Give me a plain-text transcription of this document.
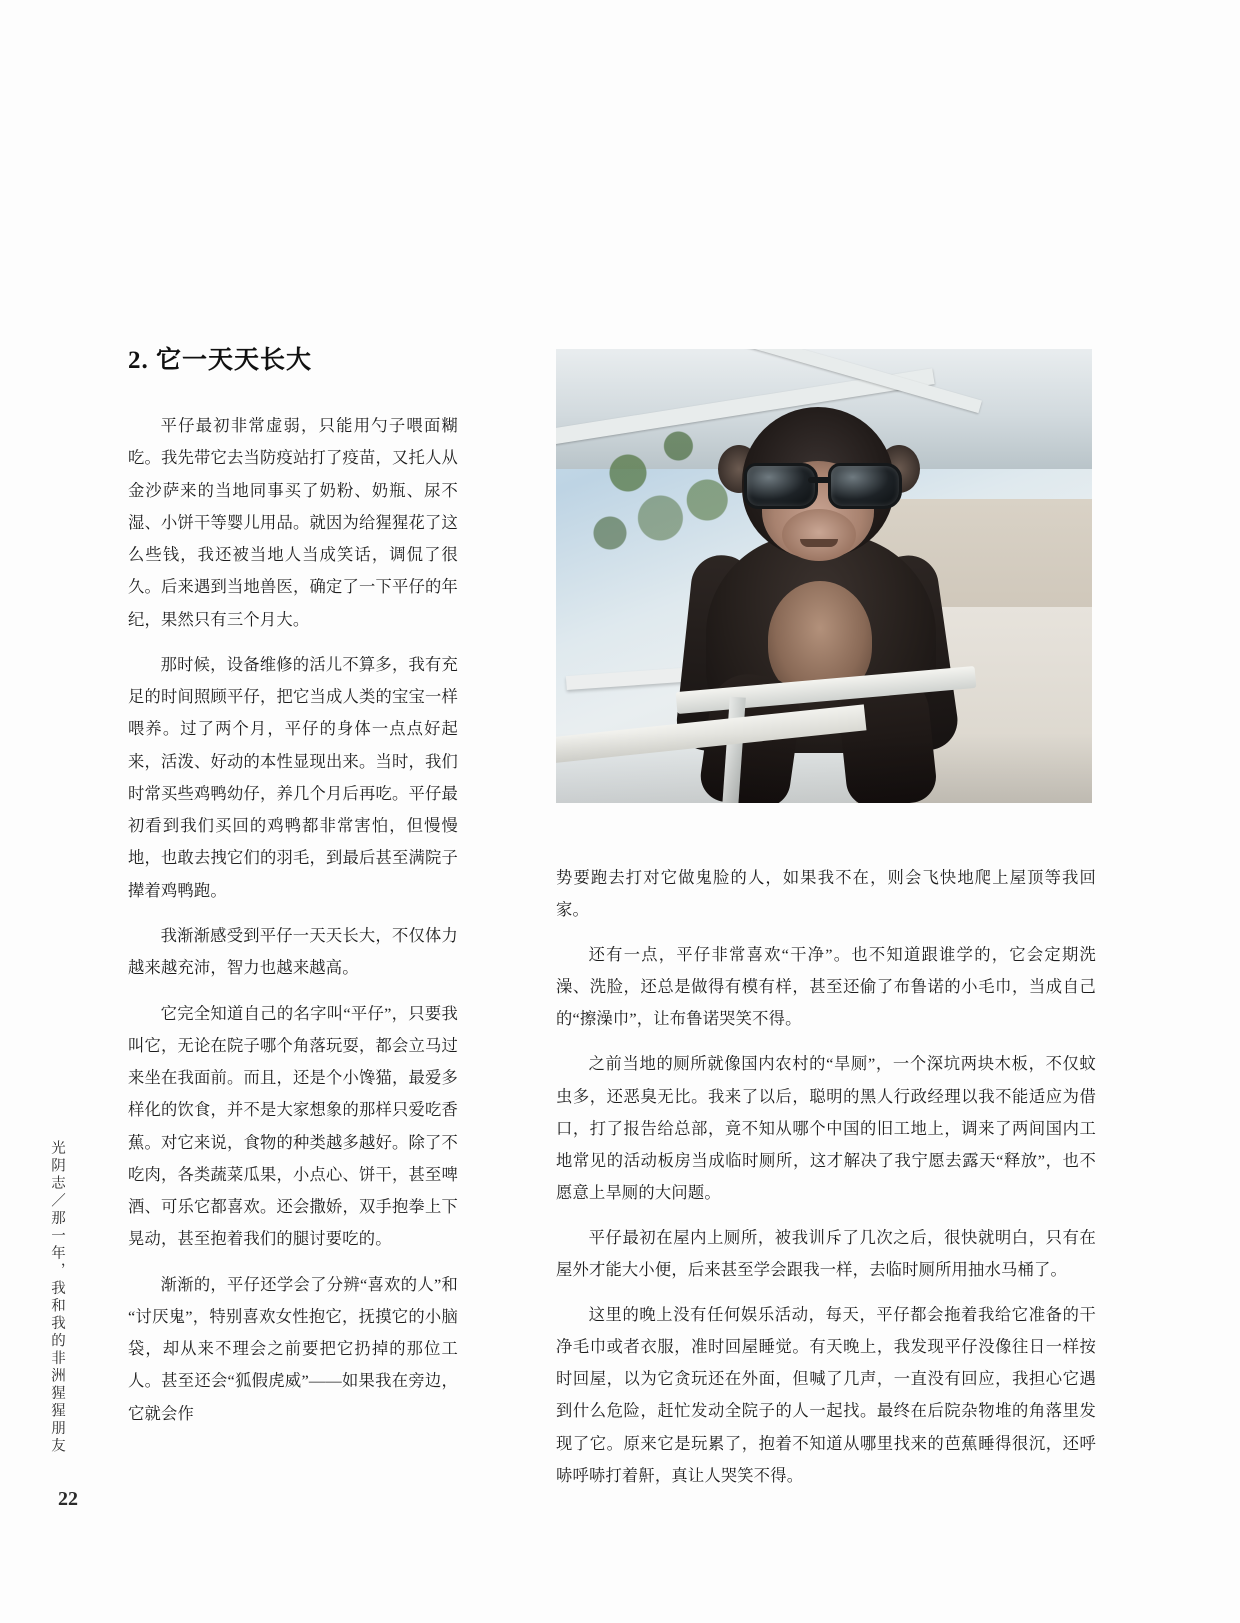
光阴志／那一年，我和我的非洲猩猩朋友
22
2. 它一天天长大

平仔最初非常虚弱，只能用勺子喂面糊吃。我先带它去当防疫站打了疫苗，又托人从金沙萨来的当地同事买了奶粉、奶瓶、尿不湿、小饼干等婴儿用品。就因为给猩猩花了这么些钱，我还被当地人当成笑话，调侃了很久。后来遇到当地兽医，确定了一下平仔的年纪，果然只有三个月大。

那时候，设备维修的活儿不算多，我有充足的时间照顾平仔，把它当成人类的宝宝一样喂养。过了两个月，平仔的身体一点点好起来，活泼、好动的本性显现出来。当时，我们时常买些鸡鸭幼仔，养几个月后再吃。平仔最初看到我们买回的鸡鸭都非常害怕，但慢慢地，也敢去拽它们的羽毛，到最后甚至满院子撵着鸡鸭跑。

我渐渐感受到平仔一天天长大，不仅体力越来越充沛，智力也越来越高。

它完全知道自己的名字叫“平仔”，只要我叫它，无论在院子哪个角落玩耍，都会立马过来坐在我面前。而且，还是个小馋猫，最爱多样化的饮食，并不是大家想象的那样只爱吃香蕉。对它来说，食物的种类越多越好。除了不吃肉，各类蔬菜瓜果，小点心、饼干，甚至啤酒、可乐它都喜欢。还会撒娇，双手抱拳上下晃动，甚至抱着我们的腿讨要吃的。

渐渐的，平仔还学会了分辨“喜欢的人”和“讨厌鬼”，特别喜欢女性抱它，抚摸它的小脑袋，却从来不理会之前要把它扔掉的那位工人。甚至还会“狐假虎威”——如果我在旁边，它就会作

势要跑去打对它做鬼脸的人，如果我不在，则会飞快地爬上屋顶等我回家。

还有一点，平仔非常喜欢“干净”。也不知道跟谁学的，它会定期洗澡、洗脸，还总是做得有模有样，甚至还偷了布鲁诺的小毛巾，当成自己的“擦澡巾”，让布鲁诺哭笑不得。

之前当地的厕所就像国内农村的“旱厕”，一个深坑两块木板，不仅蚊虫多，还恶臭无比。我来了以后，聪明的黑人行政经理以我不能适应为借口，打了报告给总部，竟不知从哪个中国的旧工地上，调来了两间国内工地常见的活动板房当成临时厕所，这才解决了我宁愿去露天“释放”，也不愿意上旱厕的大问题。

平仔最初在屋内上厕所，被我训斥了几次之后，很快就明白，只有在屋外才能大小便，后来甚至学会跟我一样，去临时厕所用抽水马桶了。

这里的晚上没有任何娱乐活动，每天，平仔都会拖着我给它准备的干净毛巾或者衣服，准时回屋睡觉。有天晚上，我发现平仔没像往日一样按时回屋，以为它贪玩还在外面，但喊了几声，一直没有回应，我担心它遇到什么危险，赶忙发动全院子的人一起找。最终在后院杂物堆的角落里发现了它。原来它是玩累了，抱着不知道从哪里找来的芭蕉睡得很沉，还呼哧呼哧打着鼾，真让人哭笑不得。
